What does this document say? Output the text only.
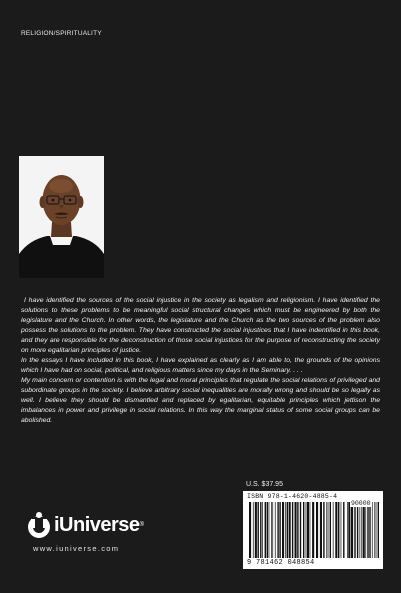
RELIGION/SPIRITUALITY

I have identified the sources of the social injustice in the society as legalism and religionism. I have identified the solutions to these problems to be meaningful social structural changes which must be engineered by both the legislature and the Church. In other words, the legislature and the Church as the two sources of the problem also possess the solutions to the problem. They have constructed the social injustices that I have indentified in this book, and they are responsible for the deconstruction of those social injustices for the purpose of reconstructing the society on more egalitarian principles of justice.

In the essays I have included in this book, I have explained as clearly as I am able to, the grounds of the opinions which I have had on social, political, and religious matters since my days in the Seminary. . . .

My main concern or contention is with the legal and moral principles that regulate the social relations of privileged and subordinate groups in the society. I believe arbitrary social inequalities are morally wrong and should be so legally as well. I believe they should be dismantled and replaced by egalitarian, equitable principles which jettison the imbalances in power and privilege in social relations. In this way the marginal status of some social groups can be abolished.

iUniverse®
www.iuniverse.com
U.S. $37.95
ISBN 978-1-4620-4885-4
90000
9 781462 048854
